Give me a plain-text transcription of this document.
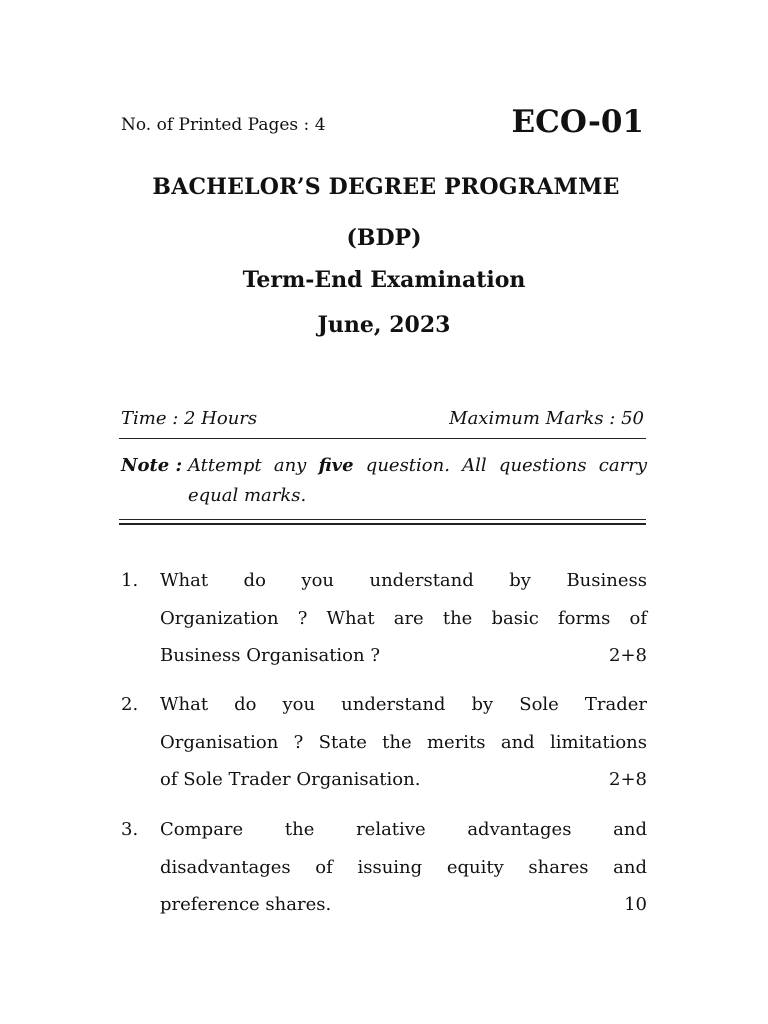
No. of Printed Pages : 4	ECO-01
BACHELOR’S DEGREE PROGRAMME
(BDP)
Term-End Examination
June, 2023
Time : 2 Hours	Maximum Marks : 50
Note : Attempt any five question. All questions carry equal marks.
1. What do you understand by Business
Organization ? What are the basic forms of
Business Organisation ?	2+8
2. What do you understand by Sole Trader
Organisation ? State the merits and limitations
of Sole Trader Organisation.	2+8
3. Compare the relative advantages and
disadvantages of issuing equity shares and
preference shares.	10
